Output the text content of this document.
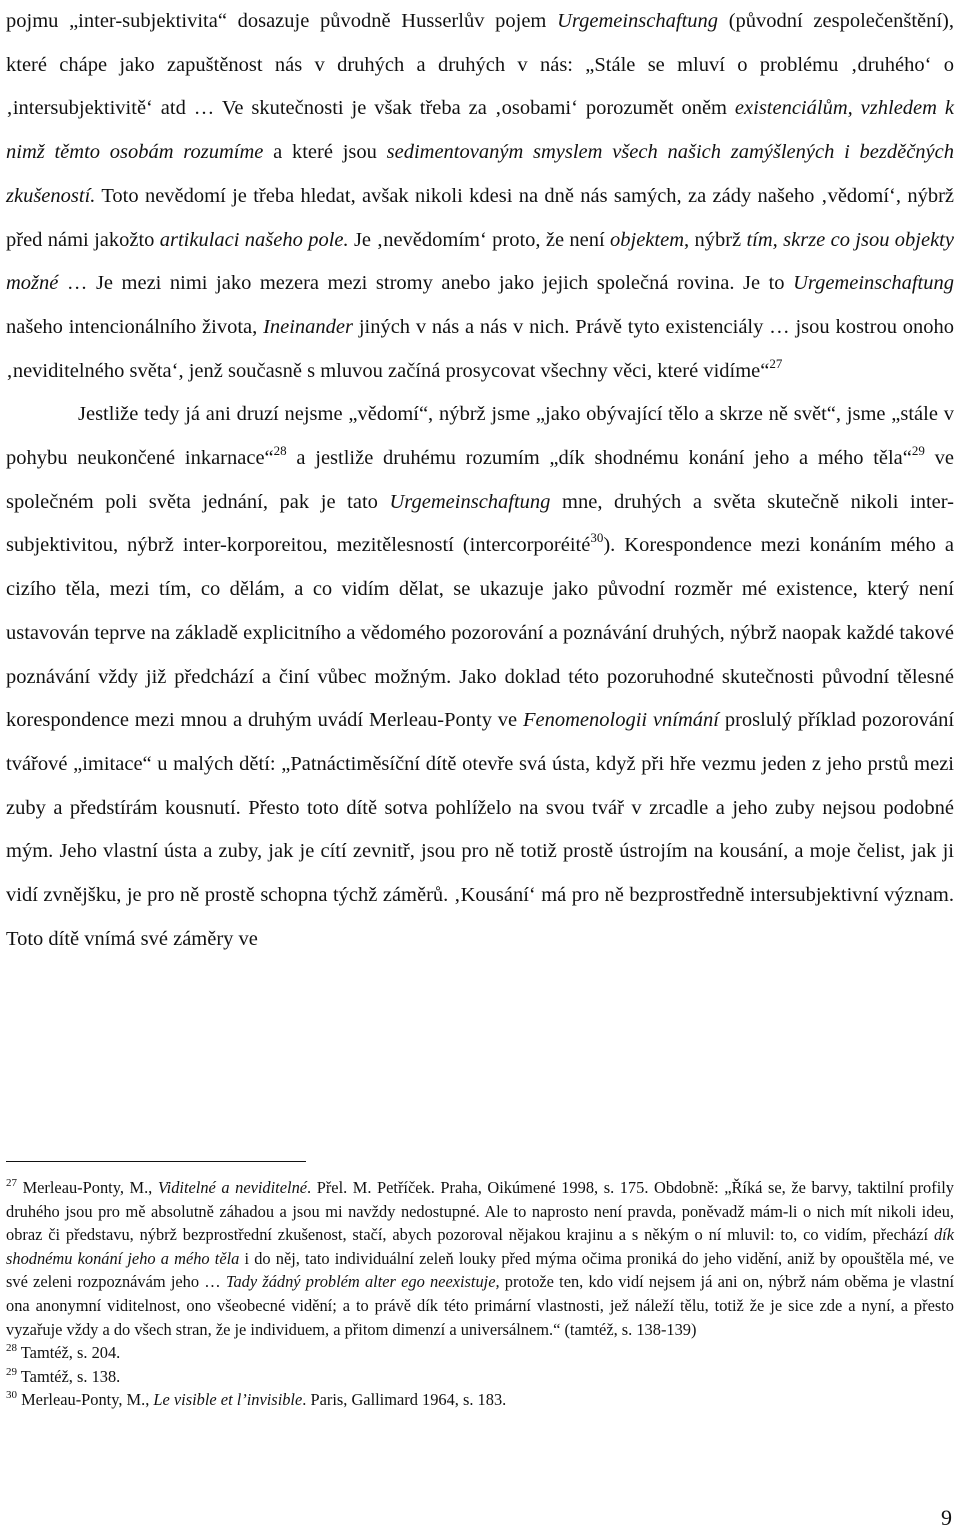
pojmu „inter-subjektivita“ dosazuje původně Husserlův pojem Urgemeinschaftung (původní zespolečenštění), které chápe jako zapuštěnost nás v druhých a druhých v nás: „Stále se mluví o problému ‚druhého‘ o ‚intersubjektivitě‘ atd … Ve skutečnosti je však třeba za ‚osobami‘ porozumět oněm existenciálům, vzhledem k nimž těmto osobám rozumíme a které jsou sedimentovaným smyslem všech našich zamýšlených i bezděčných zkušeností. Toto nevědomí je třeba hledat, avšak nikoli kdesi na dně nás samých, za zády našeho ‚vědomí‘, nýbrž před námi jakožto artikulaci našeho pole. Je ‚nevědomím‘ proto, že není objektem, nýbrž tím, skrze co jsou objekty možné … Je mezi nimi jako mezera mezi stromy anebo jako jejich společná rovina. Je to Urgemeinschaftung našeho intencionálního života, Ineinander jiných v nás a nás v nich. Právě tyto existenciály … jsou kostrou onoho ‚neviditelného světa‘, jenž současně s mluvou začíná prosycovat všechny věci, které vidíme“$^{27}$

Jestliže tedy já ani druzí nejsme „vědomí“, nýbrž jsme „jako obývající tělo a skrze ně svět“, jsme „stále v pohybu neukončené inkarnace“$^{28}$ a jestliže druhému rozumím „dík shodnému konání jeho a mého těla“$^{29}$ ve společném poli světa jednání, pak je tato Urgemeinschaftung mne, druhých a světa skutečně nikoli inter-subjektivitou, nýbrž inter-korporeitou, mezitělesností (intercorporéité$^{30}$). Korespondence mezi konáním mého a cizího těla, mezi tím, co dělám, a co vidím dělat, se ukazuje jako původní rozměr mé existence, který není ustavován teprve na základě explicitního a vědomého pozorování a poznávání druhých, nýbrž naopak každé takové poznávání vždy již předchází a činí vůbec možným. Jako doklad této pozoruhodné skutečnosti původní tělesné korespondence mezi mnou a druhým uvádí Merleau-Ponty ve Fenomenologii vnímání proslulý příklad pozorování tvářové „imitace“ u malých dětí: „Patnáctiměsíční dítě otevře svá ústa, když při hře vezmu jeden z jeho prstů mezi zuby a předstírám kousnutí. Přesto toto dítě sotva pohlíželo na svou tvář v zrcadle a jeho zuby nejsou podobné mým. Jeho vlastní ústa a zuby, jak je cítí zevnitř, jsou pro ně totiž prostě ústrojím na kousání, a moje čelist, jak ji vidí zvnějšku, je pro ně prostě schopna týchž záměrů. ‚Kousání‘ má pro ně bezprostředně intersubjektivní význam. Toto dítě vnímá své záměry ve

$^{27}$ Merleau-Ponty, M., Viditelné a neviditelné. Přel. M. Petříček. Praha, Oikúmené 1998, s. 175. Obdobně: „Říká se, že barvy, taktilní profily druhého jsou pro mě absolutně záhadou a jsou mi navždy nedostupné. Ale to naprosto není pravda, poněvadž mám-li o nich mít nikoli ideu, obraz či představu, nýbrž bezprostřední zkušenost, stačí, abych pozoroval nějakou krajinu a s někým o ní mluvil: to, co vidím, přechází dík shodnému konání jeho a mého těla i do něj, tato individuální zeleň louky před mýma očima proniká do jeho vidění, aniž by opouštěla mé, ve své zeleni rozpoznávám jeho … Tady žádný problém alter ego neexistuje, protože ten, kdo vidí nejsem já ani on, nýbrž nám oběma je vlastní ona anonymní viditelnost, ono všeobecné vidění; a to právě dík této primární vlastnosti, jež náleží tělu, totiž že je sice zde a nyní, a přesto vyzařuje vždy a do všech stran, že je individuem, a přitom dimenzí a universálnem.“ (tamtéž, s. 138-139)

$^{28}$ Tamtéž, s. 204.

$^{29}$ Tamtéž, s. 138.

$^{30}$ Merleau-Ponty, M., Le visible et l’invisible. Paris, Gallimard 1964, s. 183.

9
